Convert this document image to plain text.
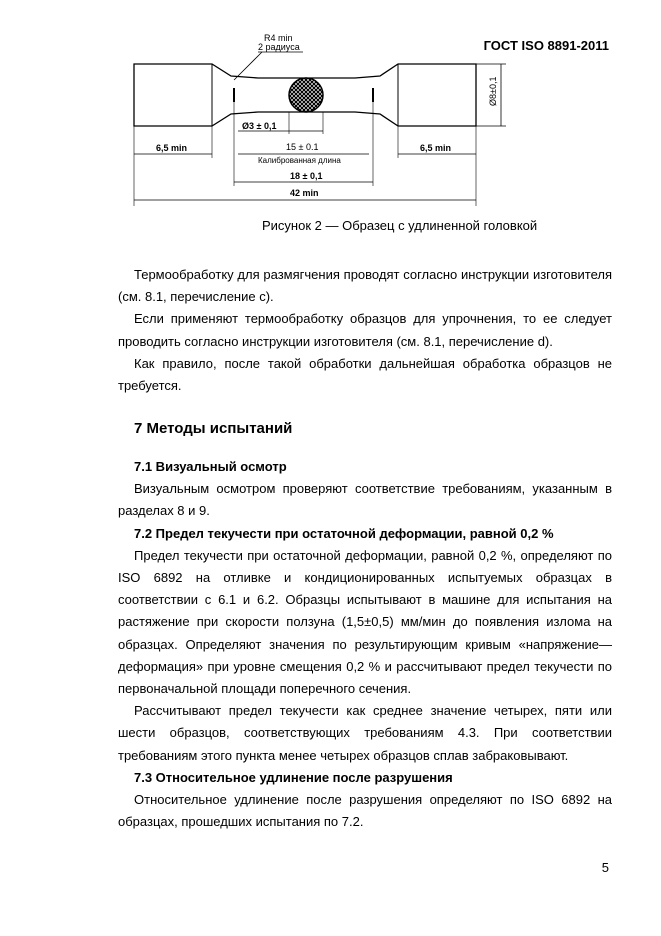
ГОСТ ISO 8891-2011
R4 min
2 радиуса
Ø8±0,1
Ø3 ± 0,1
6,5 min	6,5 min
15 ± 0.1
Калиброванная длина
18 ± 0,1
42 min
Рисунок 2 — Образец с удлиненной головкой

Термообработку для размягчения проводят согласно инструкции изготовителя (см. 8.1, перечисление с).

Если применяют термообработку образцов для упрочнения, то ее следует проводить согласно инструкции изготовителя (см. 8.1, перечисление d).

Как правило, после такой обработки дальнейшая обработка образцов не требуется.

7 Методы испытаний

7.1 Визуальный осмотр

Визуальным осмотром проверяют соответствие требованиям, указанным в разделах 8 и 9.

7.2 Предел текучести при остаточной деформации, равной 0,2 %

Предел текучести при остаточной деформации, равной 0,2 %, определяют по ISO 6892 на отливке и кондиционированных испытуемых образцах в соответствии с 6.1 и 6.2. Образцы испытывают в машине для испытания на растяжение при скорости ползуна (1,5±0,5) мм/мин до появления излома на образцах. Определяют значения по результирующим кривым «напряжение—деформация» при уровне смещения 0,2 % и рассчитывают предел текучести по первоначальной площади поперечного сечения.

Рассчитывают предел текучести как среднее значение четырех, пяти или шести образцов, соответствующих требованиям 4.3. При соответствии требованиям этого пункта менее четырех образцов сплав забраковывают.

7.3 Относительное удлинение после разрушения

Относительное удлинение после разрушения определяют по ISO 6892 на образцах, прошедших испытания по 7.2.

5
